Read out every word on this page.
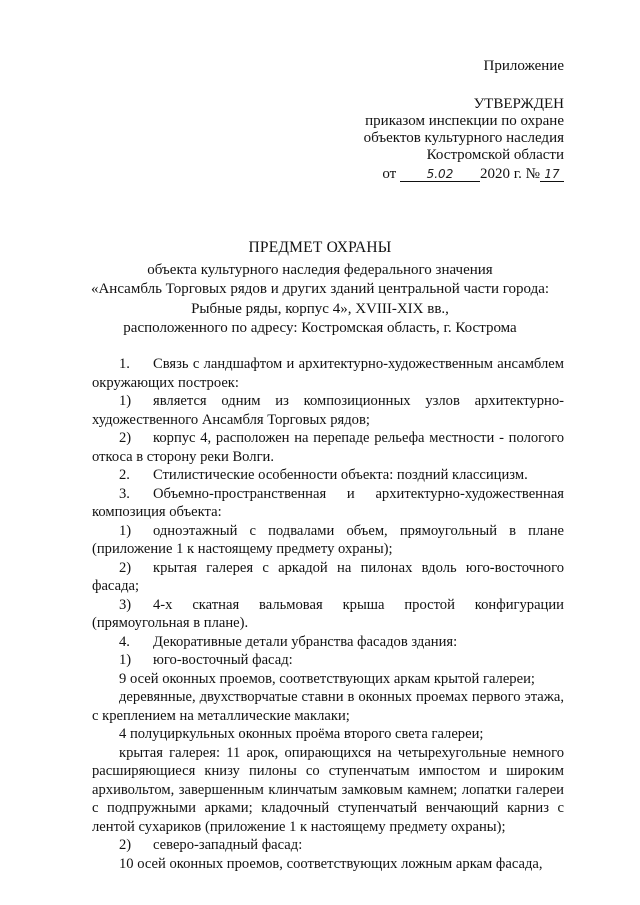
Приложение
УТВЕРЖДЕН
приказом инспекции по охране
объектов культурного наследия
Костромской области
от	5.02 2020 г. № 17
ПРЕДМЕТ ОХРАНЫ
объекта культурного наследия федерального значения
«Ансамбль Торговых рядов и других зданий центральной части города:
Рыбные ряды, корпус 4», XVIII-XIX вв.,
расположенного по адресу: Костромская область, г. Кострома

1. Связь с ландшафтом и архитектурно-художественным ансамблем окружающих построек:

1) является одним из композиционных узлов архитектурно-художественного Ансамбля Торговых рядов;

2) корпус 4, расположен на перепаде рельефа местности - пологого откоса в сторону реки Волги.

2. Стилистические особенности объекта: поздний классицизм.

3. Объемно-пространственная и архитектурно-художественная композиция объекта:

1) одноэтажный с подвалами объем, прямоугольный в плане (приложение 1 к настоящему предмету охраны);

2) крытая галерея с аркадой на пилонах вдоль юго-восточного фасада;

3) 4-х скатная вальмовая крыша простой конфигурации (прямоугольная в плане).

4. Декоративные детали убранства фасадов здания:

1) юго-восточный фасад:

9 осей оконных проемов, соответствующих аркам крытой галереи;

деревянные, двухстворчатые ставни в оконных проемах первого этажа, с креплением на металлические маклаки;

4 полуциркульных оконных проёма второго света галереи;

крытая галерея: 11 арок, опирающихся на четырехугольные немного расширяющиеся книзу пилоны со ступенчатым импостом и широким архивольтом, завершенным клинчатым замковым камнем; лопатки галереи с подпружными арками; кладочный ступенчатый венчающий карниз с лентой сухариков (приложение 1 к настоящему предмету охраны);

2) северо-западный фасад:

10 осей оконных проемов, соответствующих ложным аркам фасада,
